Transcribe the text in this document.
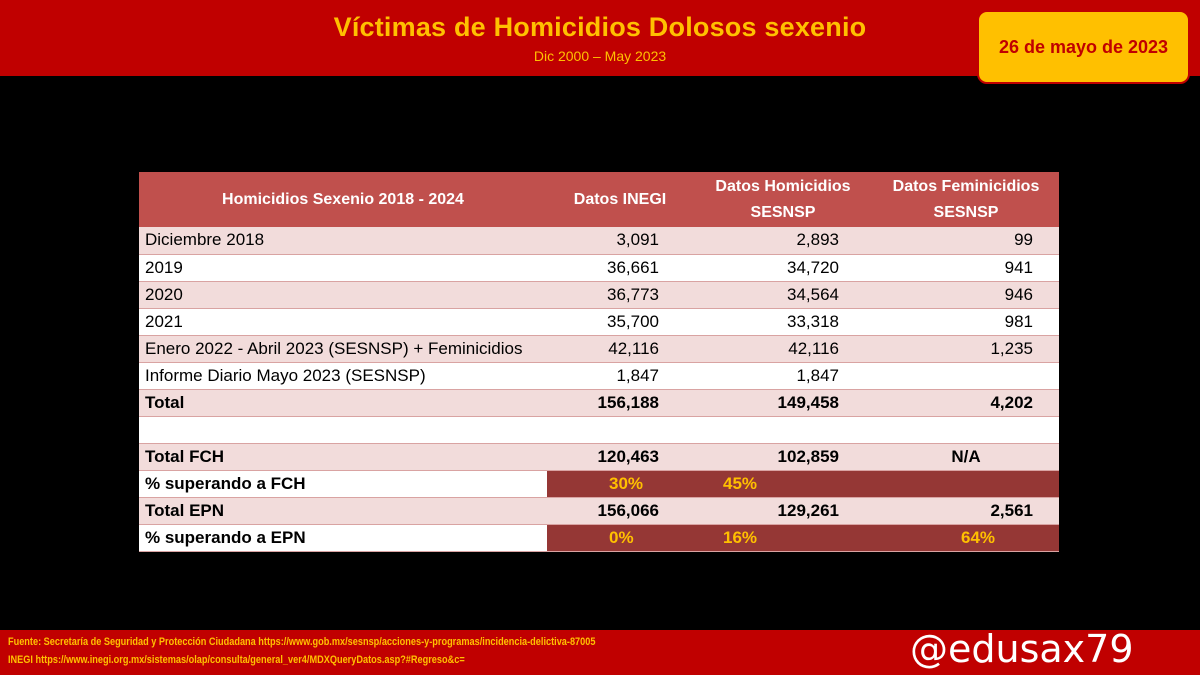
Víctimas de Homicidios Dolosos sexenio
Dic 2000 – May 2023	26 de mayo de 2023
Homicidios Sexenio 2018 - 2024	Datos INEGI	Datos Homicidios SESNSP	Datos Feminicidios SESNSP
Diciembre 2018	3,091	2,893	99
2019	36,661	34,720	941
2020	36,773	34,564	946
2021	35,700	33,318	981
Enero 2022 - Abril 2023 (SESNSP) + Feminicidios	42,116	42,116	1,235
Informe Diario Mayo 2023 (SESNSP)	1,847	1,847	
Total	156,188	149,458	4,202

Total FCH	120,463	102,859	N/A
% superando a FCH	30%	45%	
Total EPN	156,066	129,261	2,561
% superando a EPN	0%	16%	64%
Fuente: Secretaría de Seguridad y Protección Ciudadana https://www.gob.mx/sesnsp/acciones-y-programas/incidencia-delictiva-87005
INEGI https://www.inegi.org.mx/sistemas/olap/consulta/general_ver4/MDXQueryDatos.asp?#Regreso&c=	@edusax79
